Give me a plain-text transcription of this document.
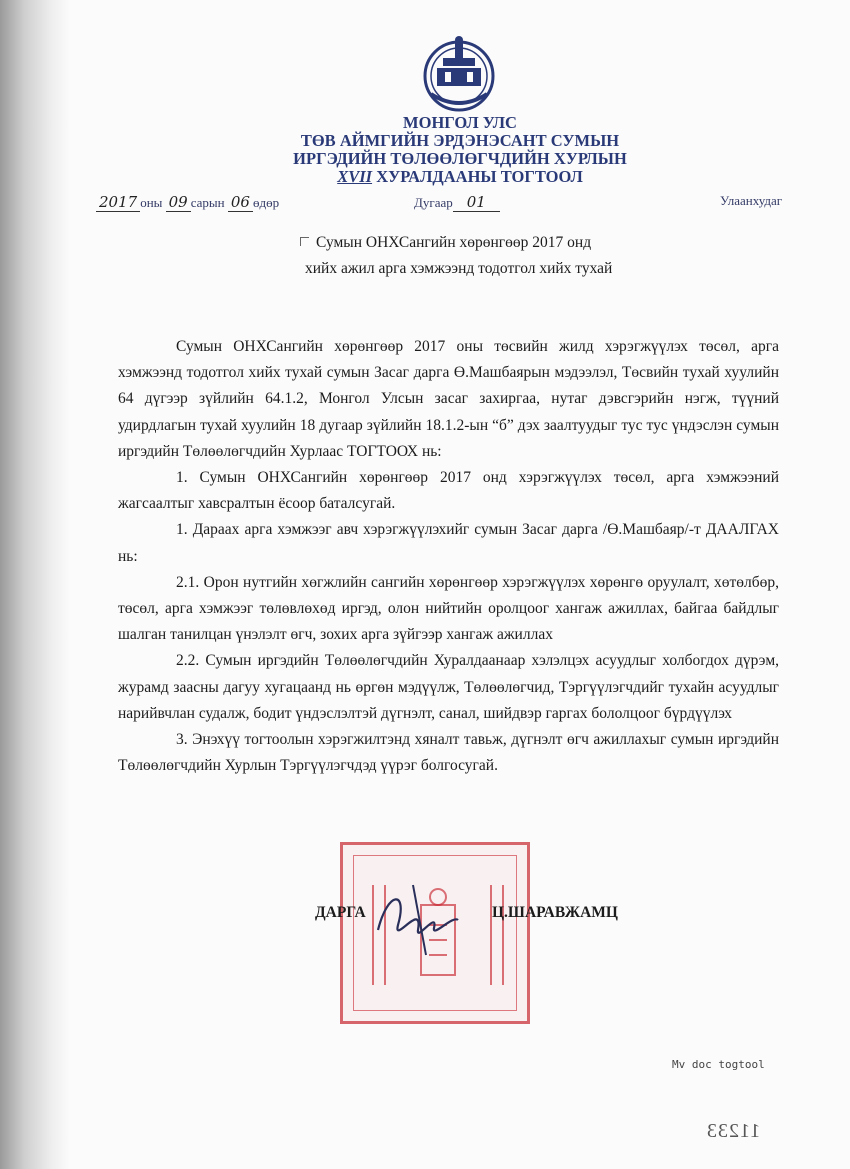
МОНГОЛ УЛС
ТӨВ АЙМГИЙН ЭРДЭНЭСАНТ СУМЫН
ИРГЭДИЙН ТӨЛӨӨЛӨГЧДИЙН ХУРЛЫН
XVII ХУРАЛДААНЫ ТОГТООЛ
2017 оны 09 сарын 06 өдөр	Дугаар 01	Улаанхудаг
Сумын ОНХСангийн хөрөнгөөр 2017 онд
хийх ажил арга хэмжээнд тодотгол хийх тухай

Сумын ОНХСангийн хөрөнгөөр 2017 оны төсвийн жилд хэрэгжүүлэх төсөл, арга хэмжээнд тодотгол хийх тухай сумын Засаг дарга Ө.Машбаярын мэдээлэл, Төсвийн тухай хуулийн 64 дүгээр зүйлийн 64.1.2, Монгол Улсын засаг захиргаа, нутаг дэвсгэрийн нэгж, түүний удирдлагын тухай хуулийн 18 дугаар зүйлийн 18.1.2-ын “б” дэх заалтуудыг тус тус үндэслэн сумын иргэдийн Төлөөлөгчдийн Хурлаас ТОГТООХ нь:

1. Сумын ОНХСангийн хөрөнгөөр 2017 онд хэрэгжүүлэх төсөл, арга хэмжээний жагсаалтыг хавсралтын ёсоор баталсугай.

1. Дараах арга хэмжээг авч хэрэгжүүлэхийг сумын Засаг дарга /Ө.Машбаяр/-т ДААЛГАХ нь:

2.1. Орон нутгийн хөгжлийн сангийн хөрөнгөөр хэрэгжүүлэх хөрөнгө оруулалт, хөтөлбөр, төсөл, арга хэмжээг төлөвлөхөд иргэд, олон нийтийн оролцоог хангаж ажиллах, байгаа байдлыг шалган танилцан үнэлэлт өгч, зохих арга зүйгээр хангаж ажиллах

2.2. Сумын иргэдийн Төлөөлөгчдийн Хуралдаанаар хэлэлцэх асуудлыг холбогдох дүрэм, журамд заасны дагуу хугацаанд нь өргөн мэдүүлж, Төлөөлөгчид, Тэргүүлэгчдийг тухайн асуудлыг нарийвчлан судалж, бодит үндэслэлтэй дүгнэлт, санал, шийдвэр гаргах бололцоог бүрдүүлэх

3. Энэхүү тогтоолын хэрэгжилтэнд хяналт тавьж, дүгнэлт өгч ажиллахыг сумын иргэдийн Төлөөлөгчдийн Хурлын Тэргүүлэгчдэд үүрэг болгосугай.

ДАРГА	Ц.ШАРАВЖАМЦ
Mv doc togtool
11233
